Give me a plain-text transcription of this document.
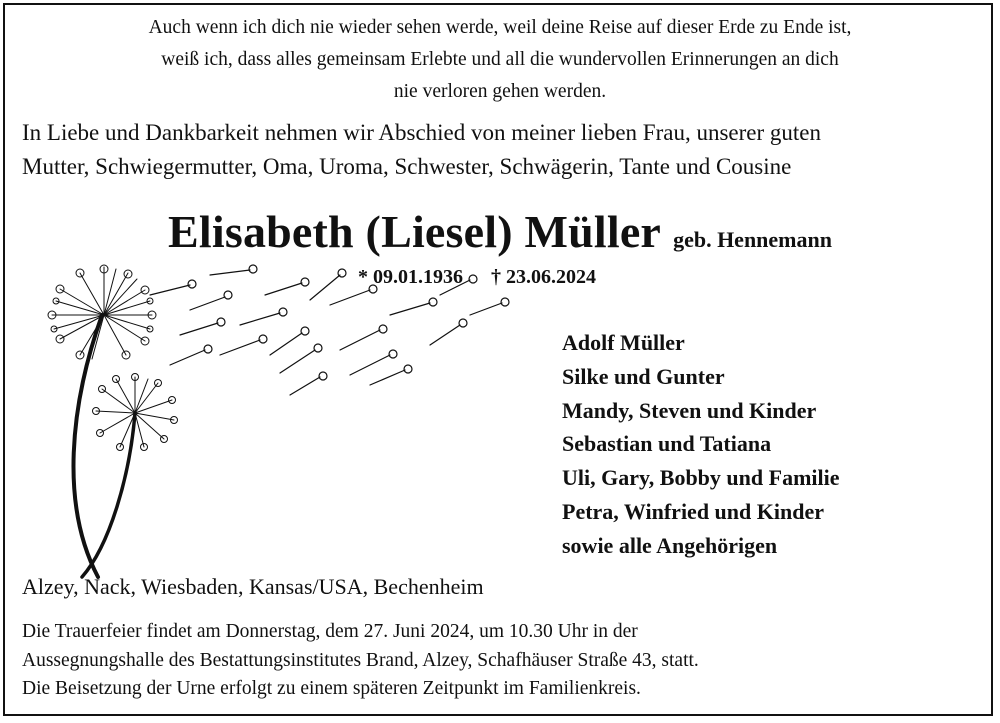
Auch wenn ich dich nie wieder sehen werde, weil deine Reise auf dieser Erde zu Ende ist,
weiß ich, dass alles gemeinsam Erlebte und all die wundervollen Erinnerungen an dich
nie verloren gehen werden.
In Liebe und Dankbarkeit nehmen wir Abschied von meiner lieben Frau, unserer guten
Mutter, Schwiegermutter, Oma, Uroma, Schwester, Schwägerin, Tante und Cousine
Elisabeth (Liesel) Müller geb. Hennemann
* 09.01.1936 † 23.06.2024
Adolf Müller
Silke und Gunter
Mandy, Steven und Kinder
Sebastian und Tatiana
Uli, Gary, Bobby und Familie
Petra, Winfried und Kinder
sowie alle Angehörigen
Alzey, Nack, Wiesbaden, Kansas/USA, Bechenheim
Die Trauerfeier findet am Donnerstag, dem 27. Juni 2024, um 10.30 Uhr in der
Aussegnungshalle des Bestattungsinstitutes Brand, Alzey, Schafhäuser Straße 43, statt.
Die Beisetzung der Urne erfolgt zu einem späteren Zeitpunkt im Familienkreis.
